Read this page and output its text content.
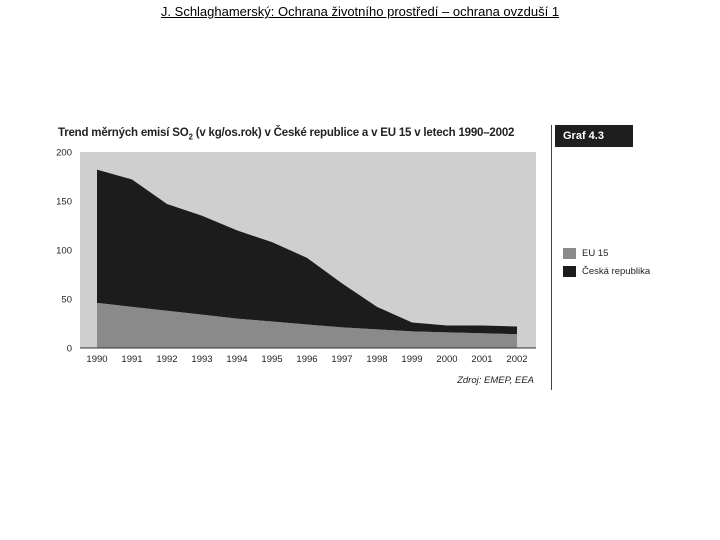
J. Schlaghamerský: Ochrana životního prostředí – ochrana ovzduší 1
Trend měrných emisí $SO_2$ (v kg/os.rok) v České republice a v EU 15 v letech 1990–2002	Graf 4.3
0
50
100
150
200
1990 1991 1992 1993 1994 1995 1996 1997 1998 1999 2000 2001 2002
EU 15
Česká republika
Zdroj: EMEP, EEA
